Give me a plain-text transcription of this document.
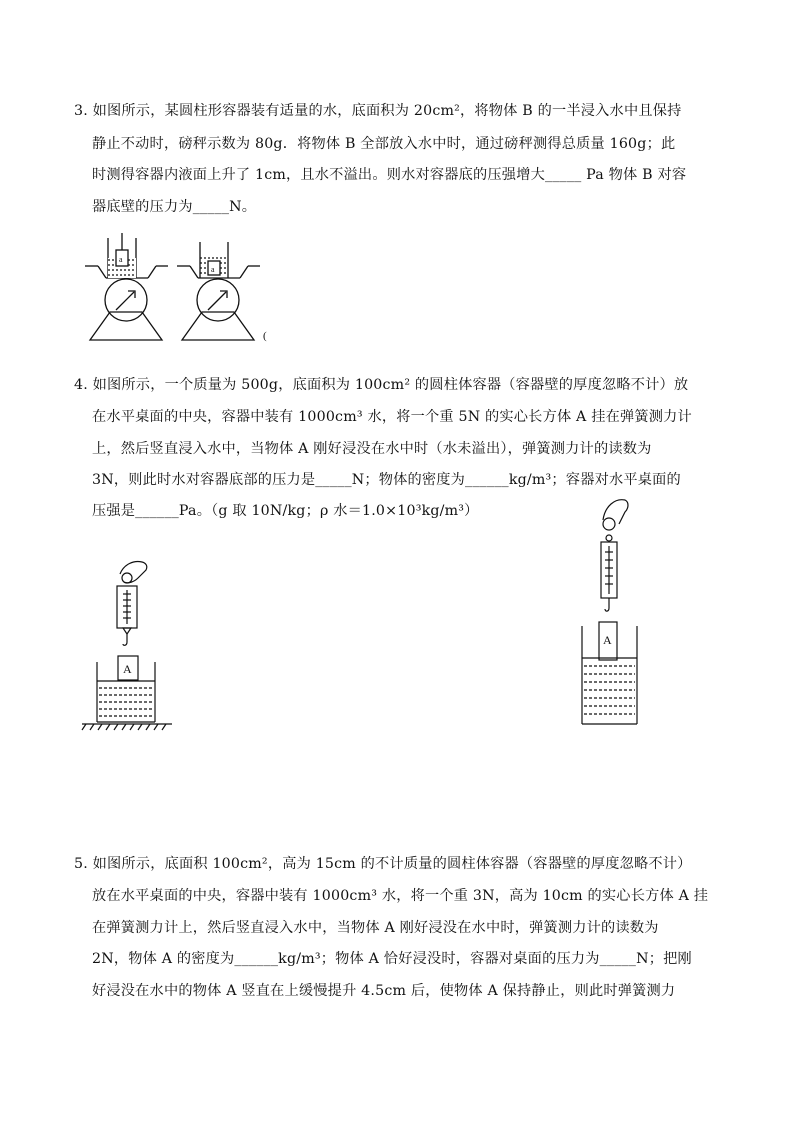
3. 如图所示，某圆柱形容器装有适量的水，底面积为 20cm²，将物体 B 的一半浸入水中且保持
静止不动时，磅秤示数为 80g．将物体 B 全部放入水中时，通过磅秤测得总质量 160g；此
时测得容器内液面上升了 1cm，且水不溢出。则水对容器底的压强增大_____ Pa 物体 B 对容
器底壁的压力为_____N。
a
a
(
4. 如图所示，一个质量为 500g，底面积为 100cm² 的圆柱体容器（容器壁的厚度忽略不计）放
在水平桌面的中央，容器中装有 1000cm³ 水，将一个重 5N 的实心长方体 A 挂在弹簧测力计
上，然后竖直浸入水中，当物体 A 刚好浸没在水中时（水未溢出），弹簧测力计的读数为
3N，则此时水对容器底部的压力是_____N；物体的密度为______kg/m³；容器对水平桌面的
压强是______Pa。（g 取 10N/kg；ρ 水＝1.0×10³kg/m³）
A
A
5. 如图所示，底面积 100cm²，高为 15cm 的不计质量的圆柱体容器（容器壁的厚度忽略不计）
放在水平桌面的中央，容器中装有 1000cm³ 水，将一个重 3N，高为 10cm 的实心长方体 A 挂
在弹簧测力计上，然后竖直浸入水中，当物体 A 刚好浸没在水中时，弹簧测力计的读数为
2N，物体 A 的密度为______kg/m³；物体 A 恰好浸没时，容器对桌面的压力为_____N；把刚
好浸没在水中的物体 A 竖直在上缓慢提升 4.5cm 后，使物体 A 保持静止，则此时弹簧测力
